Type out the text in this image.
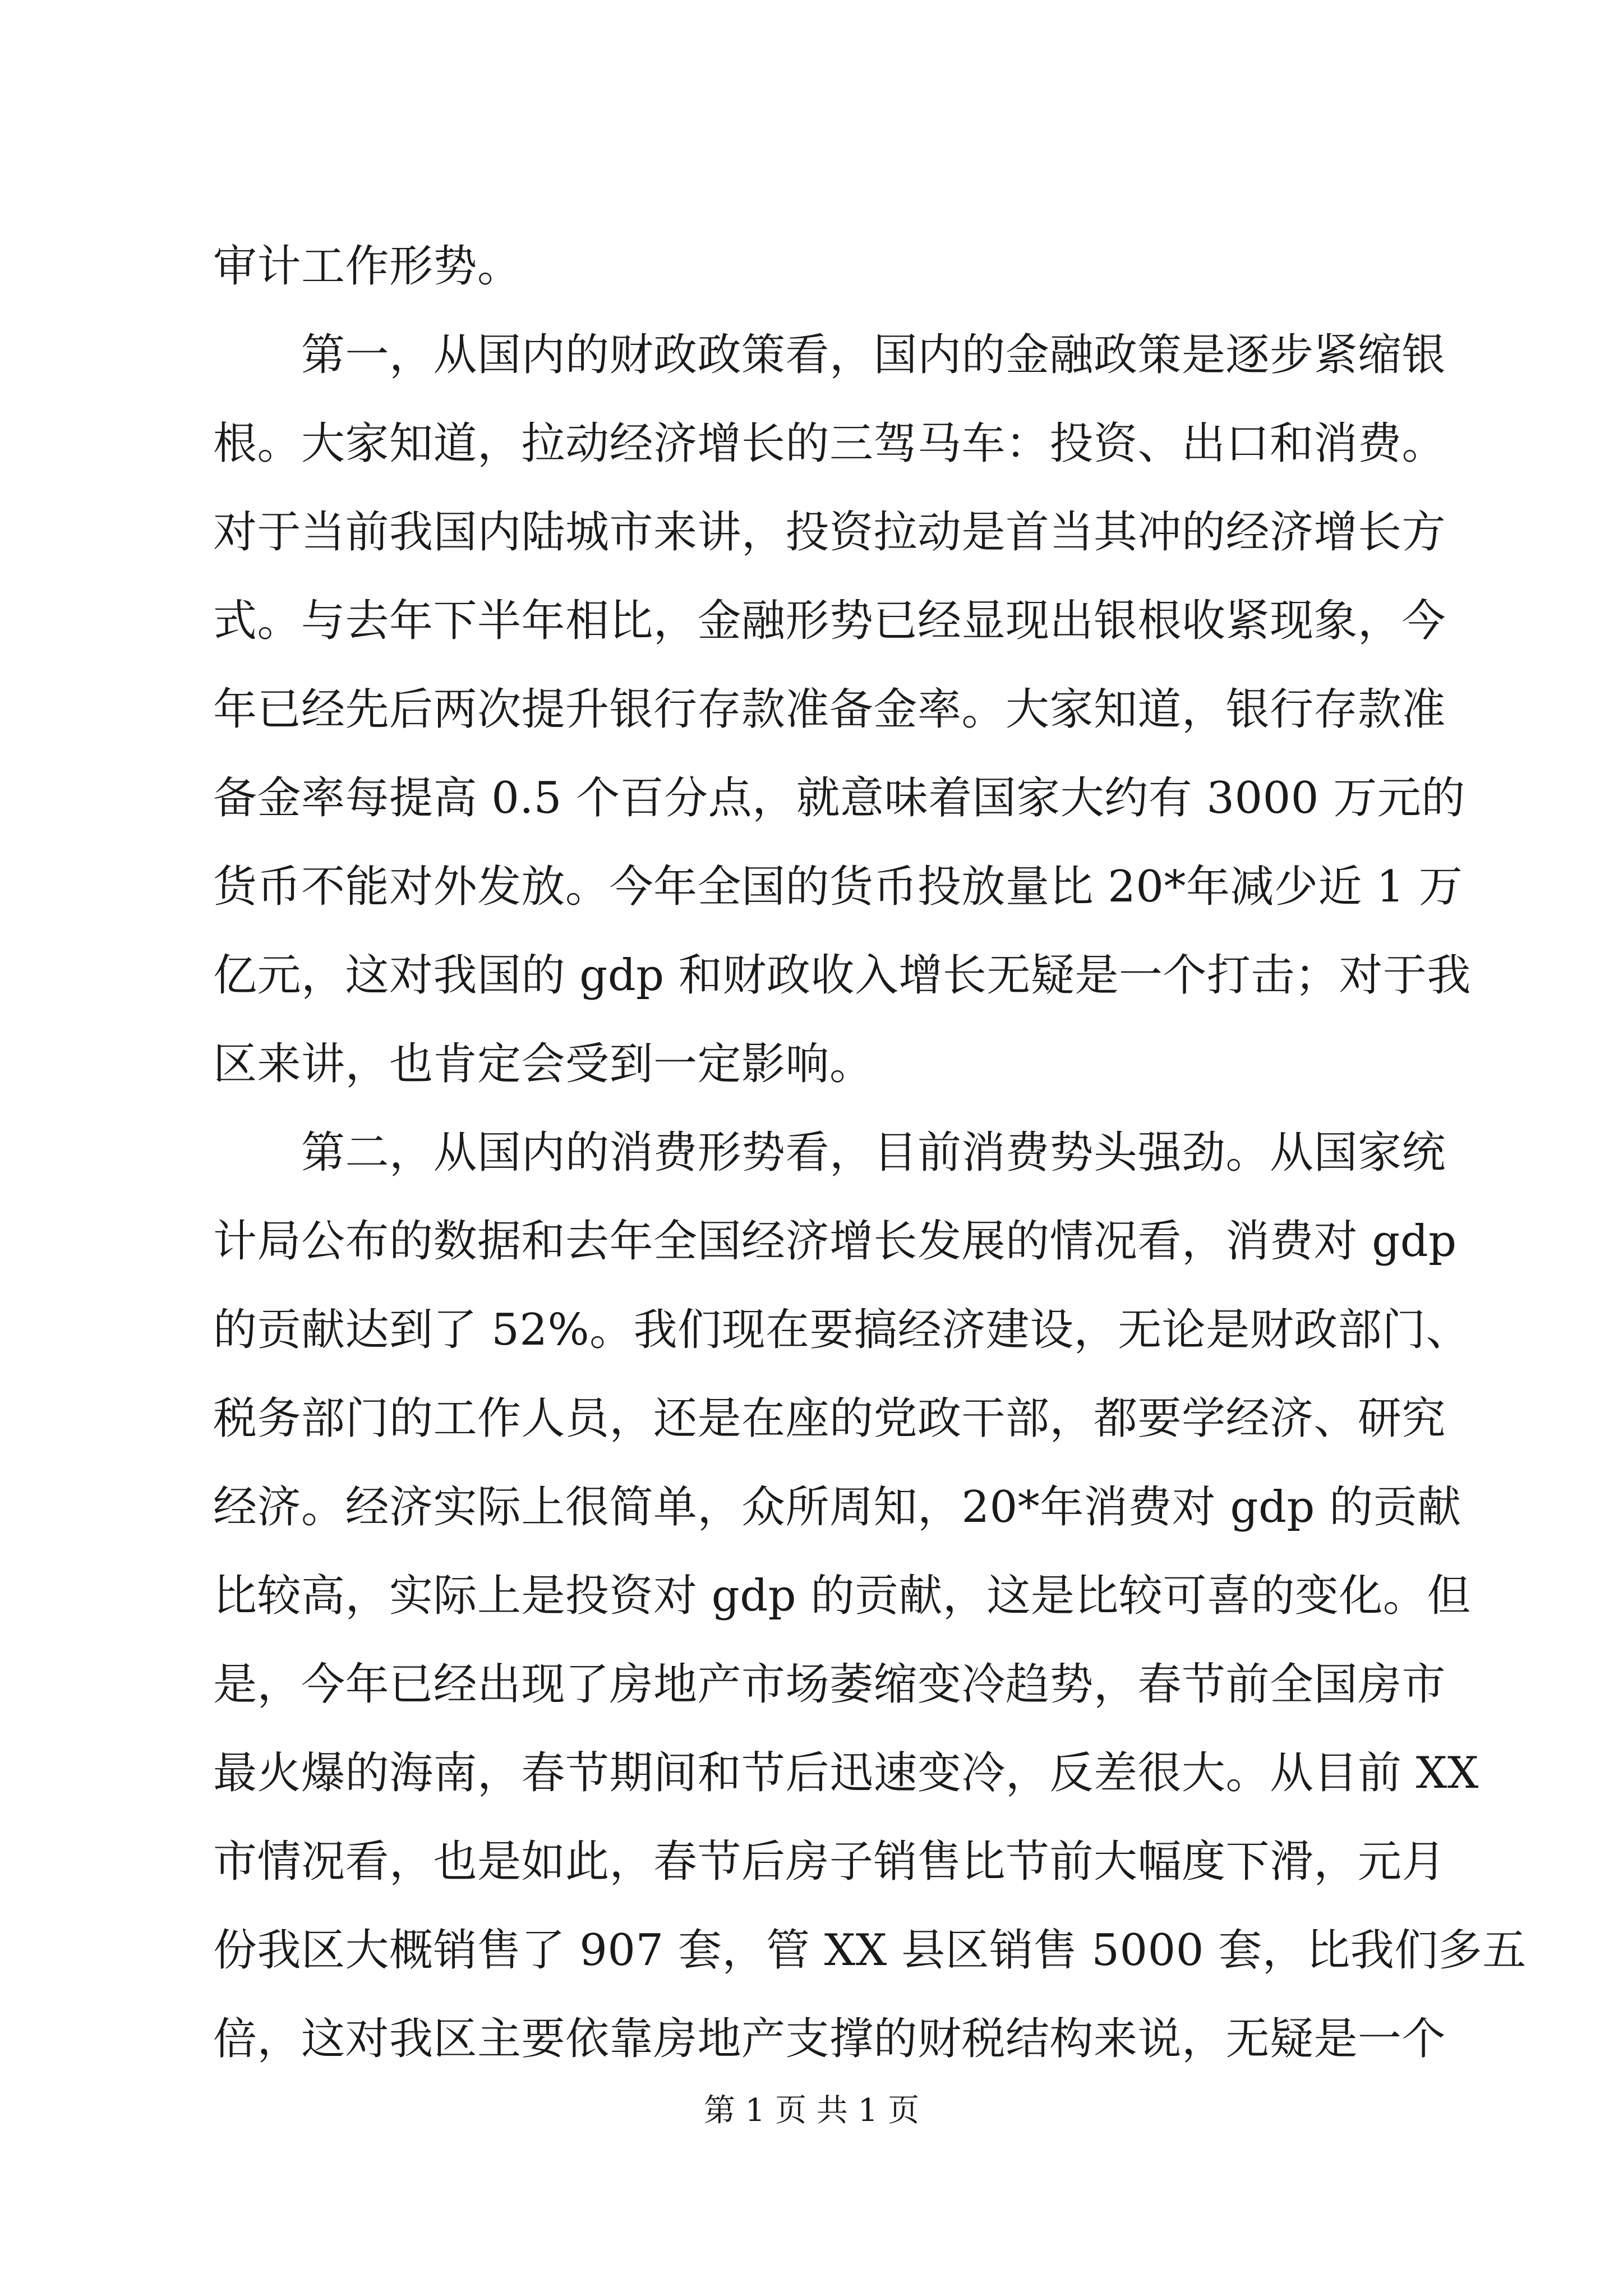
审计工作形势。
第一，从国内的财政政策看，国内的金融政策是逐步紧缩银
根。大家知道，拉动经济增长的三驾马车：投资、出口和消费。
对于当前我国内陆城市来讲，投资拉动是首当其冲的经济增长方
式。与去年下半年相比，金融形势已经显现出银根收紧现象，今
年已经先后两次提升银行存款准备金率。大家知道，银行存款准
备金率每提高 0.5 个百分点，就意味着国家大约有 3000 万元的
货币不能对外发放。今年全国的货币投放量比 20*年减少近 1 万
亿元，这对我国的 gdp 和财政收入增长无疑是一个打击；对于我
区来讲，也肯定会受到一定影响。
第二，从国内的消费形势看，目前消费势头强劲。从国家统
计局公布的数据和去年全国经济增长发展的情况看，消费对 gdp
的贡献达到了 52%。我们现在要搞经济建设，无论是财政部门、
税务部门的工作人员，还是在座的党政干部，都要学经济、研究
经济。经济实际上很简单，众所周知，20*年消费对 gdp 的贡献
比较高，实际上是投资对 gdp 的贡献，这是比较可喜的变化。但
是，今年已经出现了房地产市场萎缩变冷趋势，春节前全国房市
最火爆的海南，春节期间和节后迅速变冷，反差很大。从目前 XX
市情况看，也是如此，春节后房子销售比节前大幅度下滑，元月
份我区大概销售了 907 套，管 XX 县区销售 5000 套，比我们多五
第 1 页 共 1 页
倍，这对我区主要依靠房地产支撑的财税结构来说，无疑是一个
